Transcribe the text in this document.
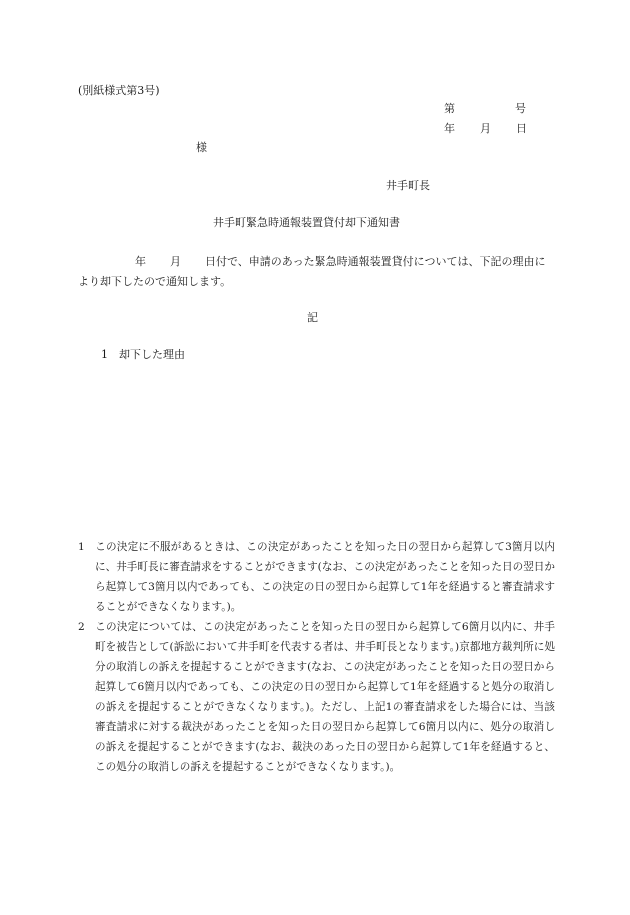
(別紙様式第3号)
第	号
年 月 日
様
井手町長
井手町緊急時通報装置貸付却下通知書
年 月 日付で、申請のあった緊急時通報装置貸付については、下記の理由により却下したので通知します。
記
1 却下した理由

1 この決定に不服があるときは、この決定があったことを知った日の翌日から起算して3箇月以内に、井手町長に審査請求をすることができます(なお、この決定があったことを知った日の翌日から起算して3箇月以内であっても、この決定の日の翌日から起算して1年を経過すると審査請求することができなくなります。)。

2 この決定については、この決定があったことを知った日の翌日から起算して6箇月以内に、井手町を被告として(訴訟において井手町を代表する者は、井手町長となります。)京都地方裁判所に処分の取消しの訴えを提起することができます(なお、この決定があったことを知った日の翌日から起算して6箇月以内であっても、この決定の日の翌日から起算して1年を経過すると処分の取消しの訴えを提起することができなくなります。)。ただし、上記1の審査請求をした場合には、当該審査請求に対する裁決があったことを知った日の翌日から起算して6箇月以内に、処分の取消しの訴えを提起することができます(なお、裁決のあった日の翌日から起算して1年を経過すると、この処分の取消しの訴えを提起することができなくなります。)。
